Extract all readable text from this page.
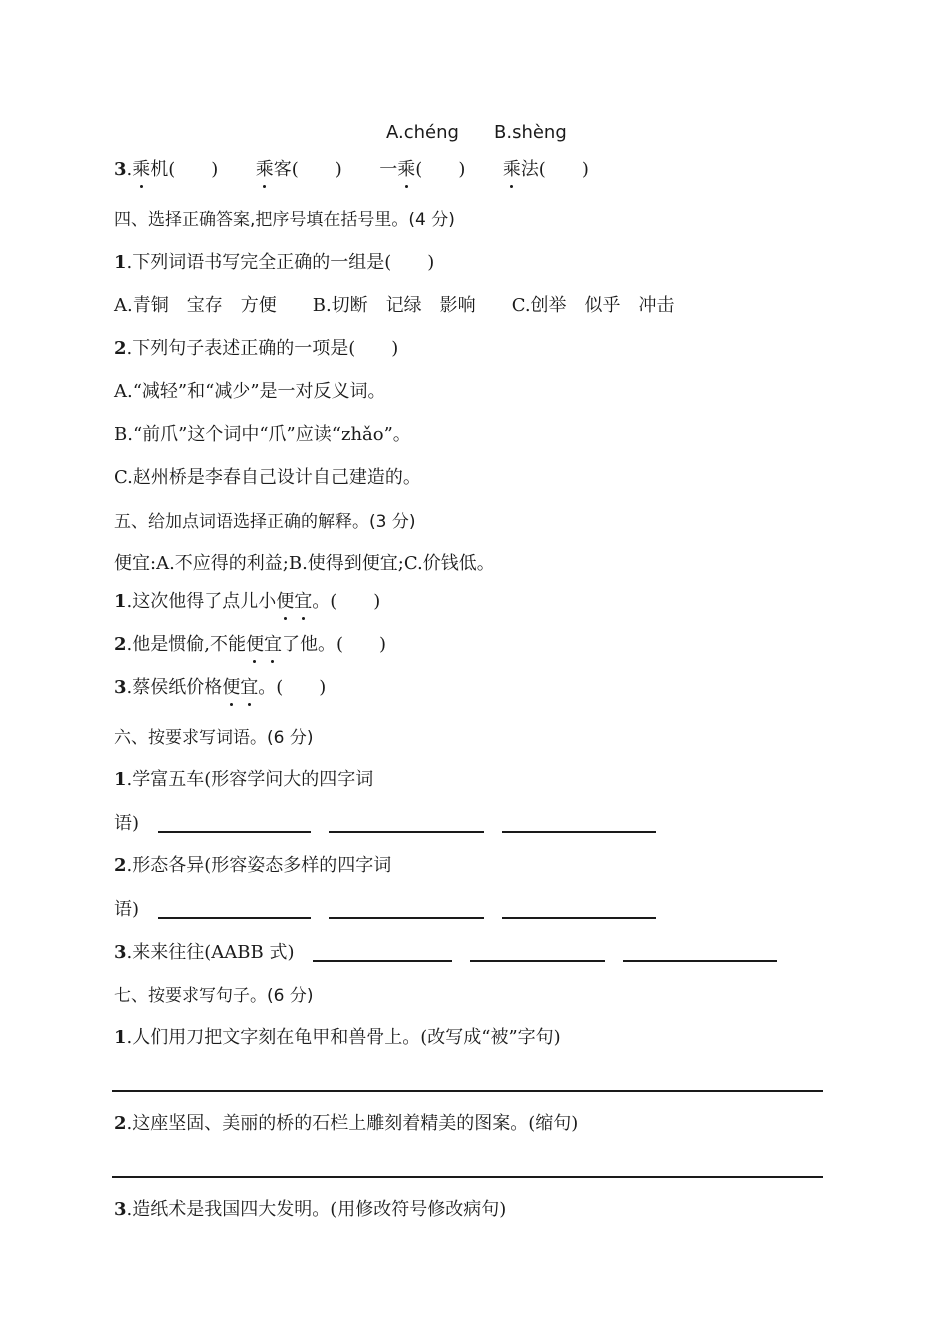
A.chéng B.shèng
3.乘机(　　) 乘客(　　) 一乘(　　) 乘法(　　)
四、选择正确答案,把序号填在括号里。(4 分)
1.下列词语书写完全正确的一组是(　　)
A.青铜　宝存　方便 B.切断　记绿　影响 C.创举　似乎　冲击
2.下列句子表述正确的一项是(　　)
A.“减轻”和“减少”是一对反义词。
B.“前爪”这个词中“爪”应读“zhǎo”。
C.赵州桥是李春自己设计自己建造的。
五、给加点词语选择正确的解释。(3 分)
便宜:A.不应得的利益;B.使得到便宜;C.价钱低。
1.这次他得了点儿小便宜。(　　)
2.他是惯偷,不能便宜了他。(　　)
3.蔡侯纸价格便宜。(　　)
六、按要求写词语。(6 分)
1.学富五车(形容学问大的四字词
语)
2.形态各异(形容姿态多样的四字词
语)
3.来来往往(AABB 式)
七、按要求写句子。(6 分)
1.人们用刀把文字刻在龟甲和兽骨上。(改写成“被”字句)
2.这座坚固、美丽的桥的石栏上雕刻着精美的图案。(缩句)
3.造纸术是我国四大发明。(用修改符号修改病句)
